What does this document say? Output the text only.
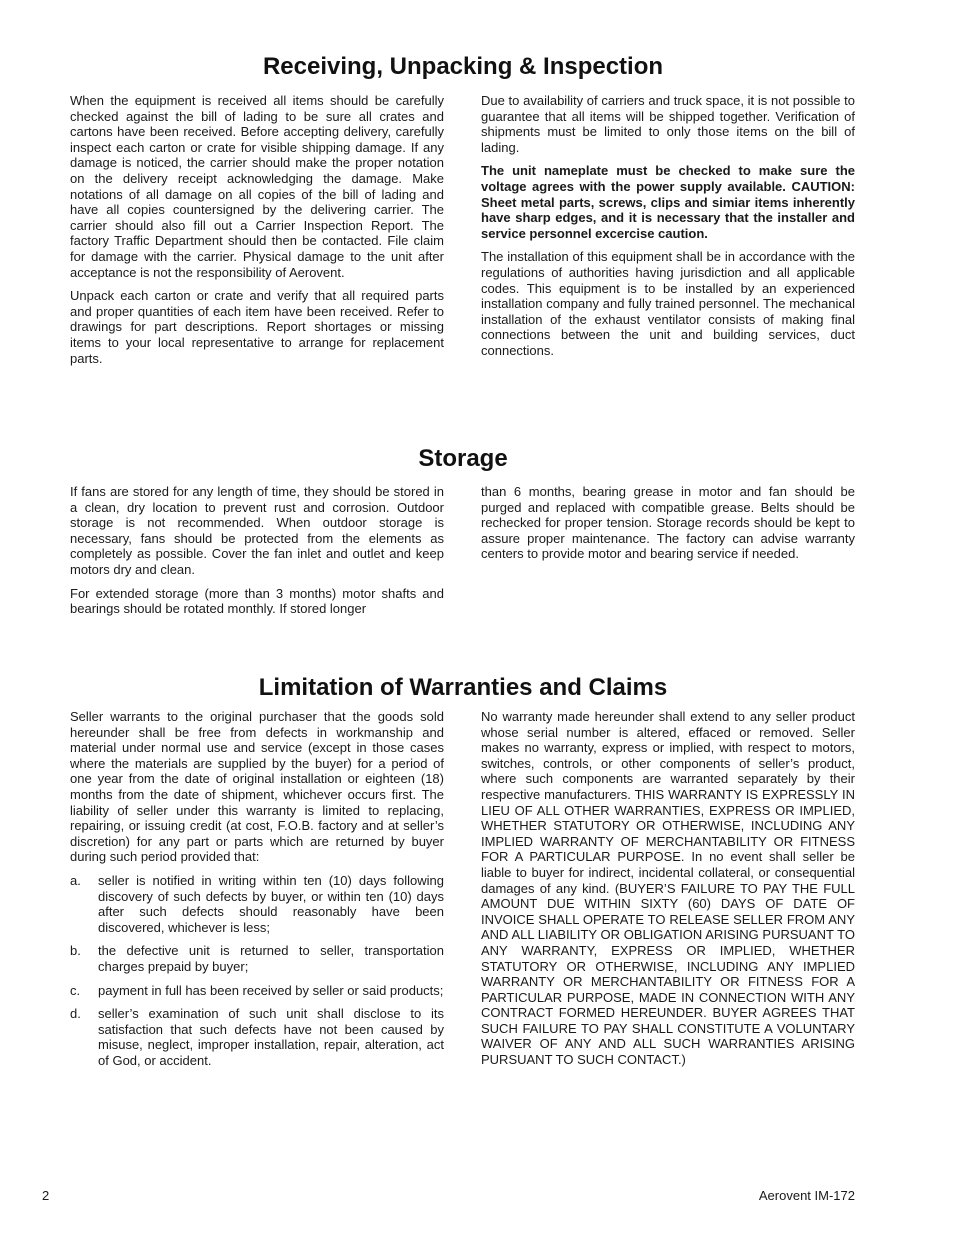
Receiving, Unpacking & Inspection

When the equipment is received all items should be carefully checked against the bill of lading to be sure all crates and cartons have been received. Before accepting delivery, carefully inspect each carton or crate for visible shipping damage. If any damage is noticed, the carrier should make the proper notation on the delivery receipt acknowledging the damage. Make notations of all damage on all copies of the bill of lading and have all copies countersigned by the delivering carrier. The carrier should also fill out a Carrier Inspection Report. The factory Traffic Department should then be contacted. File claim for damage with the carrier. Physical damage to the unit after acceptance is not the responsibility of Aerovent.

Unpack each carton or crate and verify that all required parts and proper quantities of each item have been received. Refer to drawings for part descriptions. Report shortages or missing items to your local representative to arrange for replacement parts.

Due to availability of carriers and truck space, it is not possible to guarantee that all items will be shipped together. Verification of shipments must be limited to only those items on the bill of lading.

The unit nameplate must be checked to make sure the voltage agrees with the power supply available. CAUTION: Sheet metal parts, screws, clips and simiar items inherently have sharp edges, and it is necessary that the installer and service personnel excercise caution.

The installation of this equipment shall be in accordance with the regulations of authorities having jurisdiction and all applicable codes. This equipment is to be installed by an experienced installation company and fully trained personnel. The mechanical installation of the exhaust ventilator consists of making final connections between the unit and building services, duct connections.

Storage

If fans are stored for any length of time, they should be stored in a clean, dry location to prevent rust and corrosion. Outdoor storage is not recommended. When outdoor storage is necessary, fans should be protected from the elements as completely as possible. Cover the fan inlet and outlet and keep motors dry and clean.

For extended storage (more than 3 months) motor shafts and bearings should be rotated monthly. If stored longer

than 6 months, bearing grease in motor and fan should be purged and replaced with compatible grease. Belts should be rechecked for proper tension. Storage records should be kept to assure proper maintenance. The factory can advise warranty centers to provide motor and bearing service if needed.

Limitation of Warranties and Claims

Seller warrants to the original purchaser that the goods sold hereunder shall be free from defects in workmanship and material under normal use and service (except in those cases where the materials are supplied by the buyer) for a period of one year from the date of original installation or eighteen (18) months from the date of shipment, whichever occurs first. The liability of seller under this warranty is limited to replacing, repairing, or issuing credit (at cost, F.O.B. factory and at seller’s discretion) for any part or parts which are returned by buyer during such period provided that:

a. seller is notified in writing within ten (10) days following discovery of such defects by buyer, or within ten (10) days after such defects should reasonably have been discovered, whichever is less;
b. the defective unit is returned to seller, transportation charges prepaid by buyer;
c. payment in full has been received by seller or said products;
d. seller’s examination of such unit shall disclose to its satisfaction that such defects have not been caused by misuse, neglect, improper installation, repair, alteration, act of God, or accident.

No warranty made hereunder shall extend to any seller product whose serial number is altered, effaced or removed. Seller makes no warranty, express or implied, with respect to motors, switches, controls, or other components of seller’s product, where such components are warranted separately by their respective manufacturers. THIS WARRANTY IS EXPRESSLY IN LIEU OF ALL OTHER WARRANTIES, EXPRESS OR IMPLIED, WHETHER STATUTORY OR OTHERWISE, INCLUDING ANY IMPLIED WARRANTY OF MERCHANTABILITY OR FITNESS FOR A PARTICULAR PURPOSE. In no event shall seller be liable to buyer for indirect, incidental collateral, or consequential damages of any kind. (BUYER’S FAILURE TO PAY THE FULL AMOUNT DUE WITHIN SIXTY (60) DAYS OF DATE OF INVOICE SHALL OPERATE TO RELEASE SELLER FROM ANY AND ALL LIABILITY OR OBLIGATION ARISING PURSUANT TO ANY WARRANTY, EXPRESS OR IMPLIED, WHETHER STATUTORY OR OTHERWISE, INCLUDING ANY IMPLIED WARRANTY OR MERCHANTABILITY OR FITNESS FOR A PARTICULAR PURPOSE, MADE IN CONNECTION WITH ANY CONTRACT FORMED HEREUNDER. BUYER AGREES THAT SUCH FAILURE TO PAY SHALL CONSTITUTE A VOLUNTARY WAIVER OF ANY AND ALL SUCH WARRANTIES ARISING PURSUANT TO SUCH CONTACT.)

2	Aerovent IM-172
